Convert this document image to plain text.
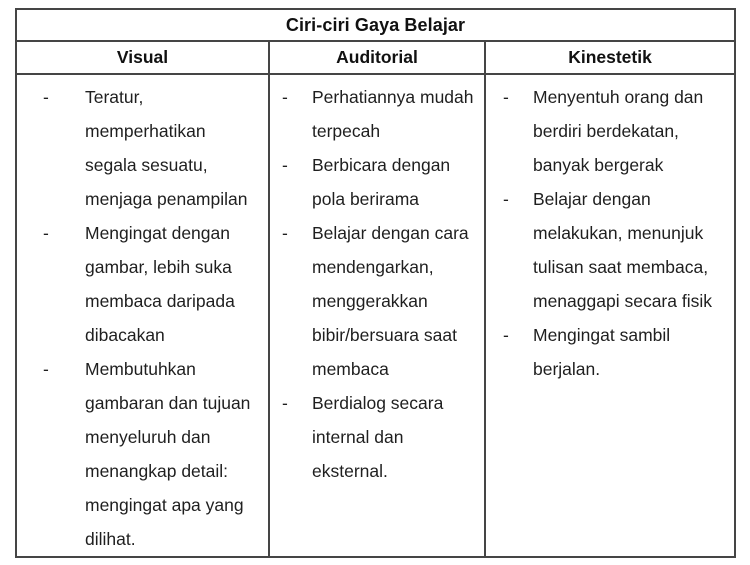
Ciri-ciri Gaya Belajar		
Visual	Auditorial	Kinestetik

-	Teratur, memperhatikan segala sesuatu, menjaga penampilan
-	Mengingat dengan gambar, lebih suka membaca daripada dibacakan
-	Membutuhkan gambaran dan tujuan menyeluruh dan menangkap detail: mengingat apa yang dilihat.

-	Perhatiannya mudah terpecah
-	Berbicara dengan pola berirama
-	Belajar dengan cara mendengarkan, menggerakkan bibir/bersuara saat membaca
-	Berdialog secara internal dan eksternal.

-	Menyentuh orang dan berdiri berdekatan, banyak bergerak
-	Belajar dengan melakukan, menunjuk tulisan saat membaca, menaggapi secara fisik
-	Mengingat sambil berjalan.
